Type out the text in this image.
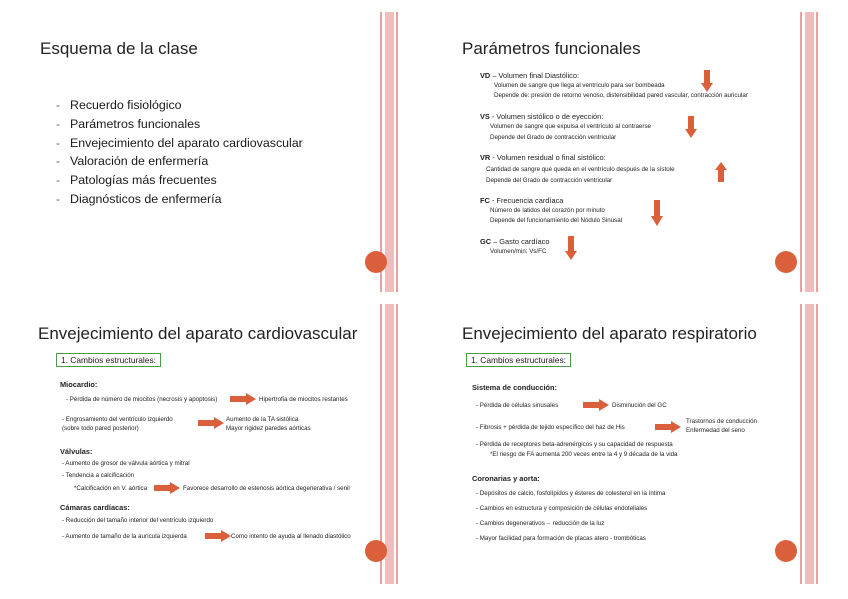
Esquema de la clase
- Recuerdo fisiológico
- Parámetros funcionales
- Envejecimiento del aparato cardiovascular
- Valoración de enfermería
- Patologías más frecuentes
- Diagnósticos de enfermería
Parámetros funcionales
VD – Volumen final Diastólico:
Volumen de sangre que llega al ventrículo para ser bombeada
Depende de: presión de retorno venoso, distensibilidad pared vascular, contracción auricular
VS - Volumen sistólico o de eyección:
Volumen de sangre que expulsa el ventrículo al contraerse
Depende del Grado de contracción ventricular
VR - Volumen residual o final sistólico:
Cantidad de sangre que queda en el ventrículo después de la sístole
Depende del Grado de contracción ventricular
FC - Frecuencia cardíaca
Número de latidos del corazón por minuto
Depende del funcionamiento del Nódulo Sinusal
GC – Gasto cardíaco
Volumen/min: Vs/FC
Envejecimiento del aparato cardiovascular
1. Cambios estructurales:
Miocardio:
- Pérdida de número de miocitos (necrosis y apoptosis)	Hipertrofia de miocitos restantes
- Engrosamiento del ventrículo izquierdo
(sobre todo pared posterior)
Aumento de la TA sistólica
Mayor rigidez paredes aórticas
Válvulas:
- Aumento de grosor de válvula aórtica y mitral
- Tendencia a calcificación
*Calcificación en V. aórtica	Favorece desarrollo de estenosis aórtica degenerativa / senil
Cámaras cardíacas:
- Reducción del tamaño interior del ventrículo izquierdo
- Aumento de tamaño de la aurícula izquierda	Como intento de ayuda al llenado diastólico
Envejecimiento del aparato respiratorio
1. Cambios estructurales:
Sistema de conducción:
- Pérdida de células sinusales	Disminución del GC
- Fibrosis + pérdida de tejido específico del haz de His
Trastornos de conducción
Enfermedad del seno
- Pérdida de receptores beta-adrenérgicos y su capacidad de respuesta
*El riesgo de FA aumenta 200 veces entre la 4 y 9 década de la vida
Coronarias y aorta:
- Depósitos de calcio, fosfolípidos y ésteres de colesterol en la íntima
- Cambios en estructura y composición de células endoteliales
- Cambios degenerativos→ reducción de la luz
- Mayor facilidad para formación de placas atero - trombóticas
